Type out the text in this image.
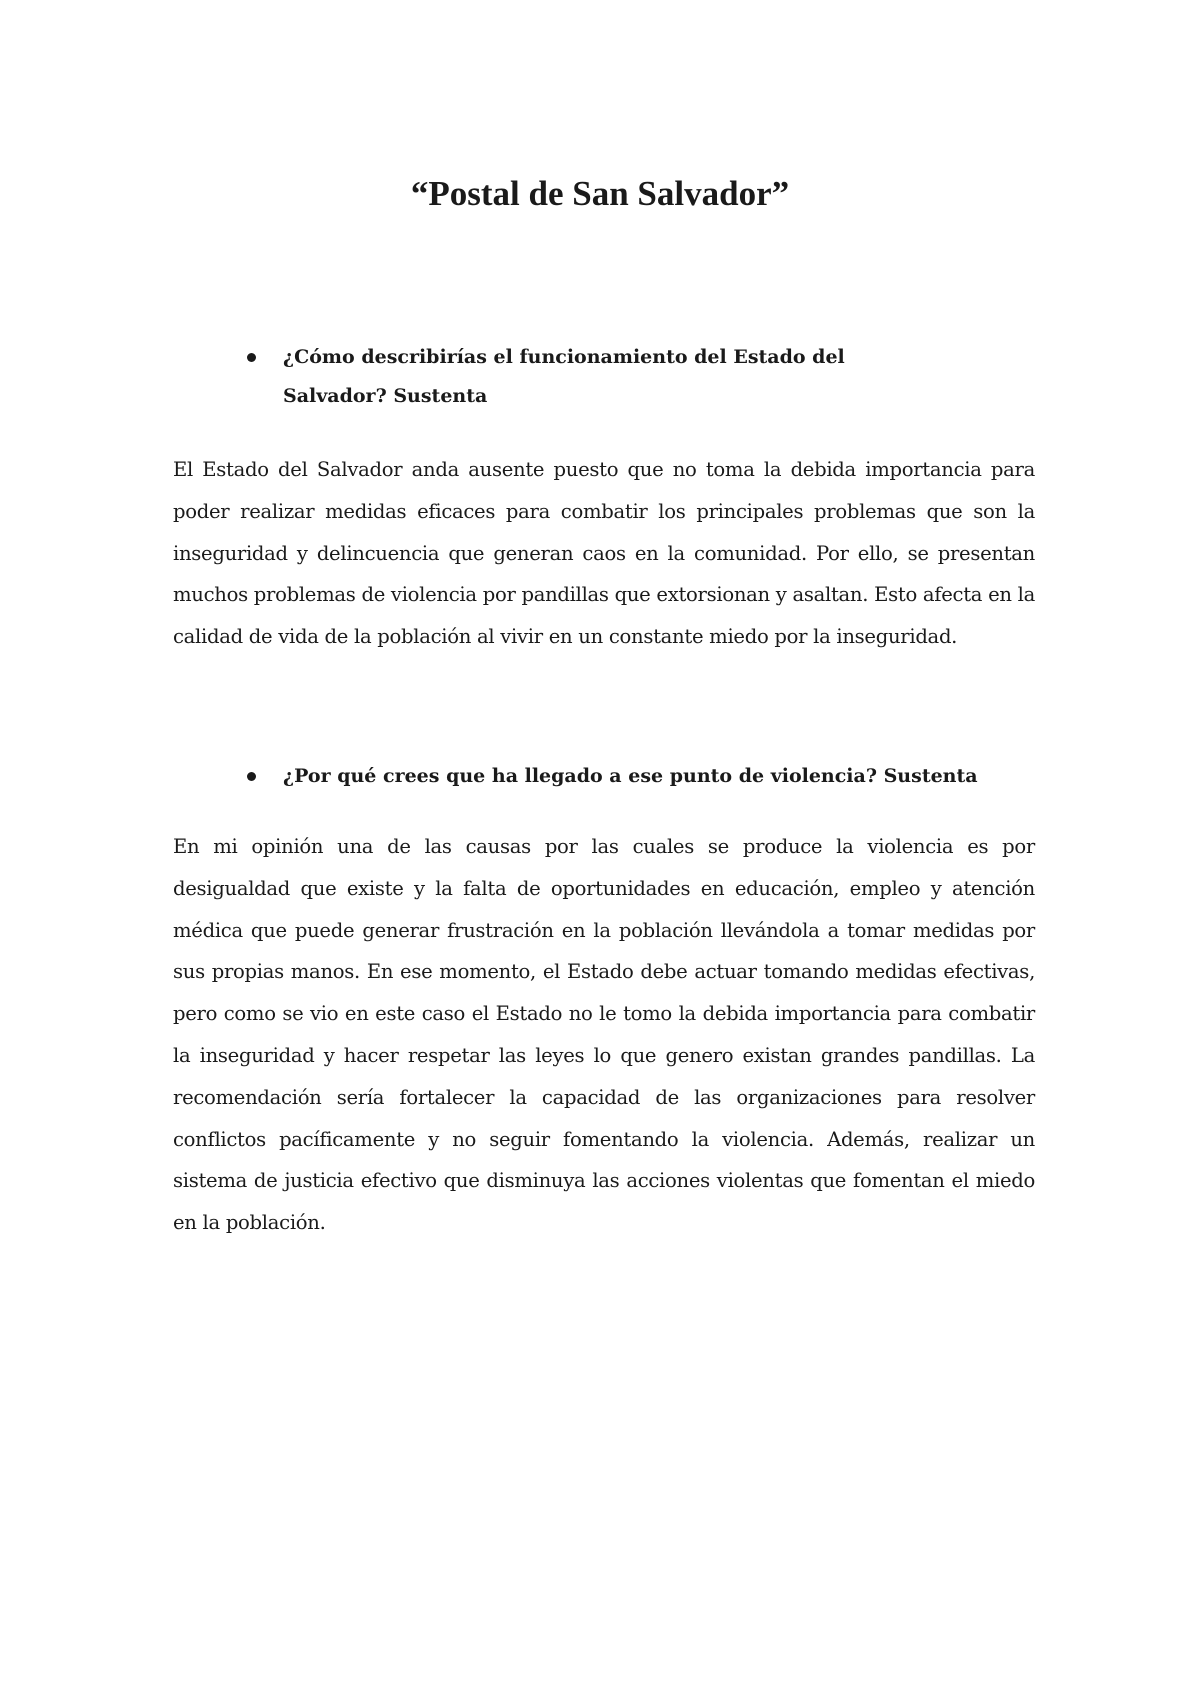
“Postal de San Salvador”

¿Cómo describirías el funcionamiento del Estado del Salvador? Sustenta

El Estado del Salvador anda ausente puesto que no toma la debida importancia para poder realizar medidas eficaces para combatir los principales problemas que son la inseguridad y delincuencia que generan caos en la comunidad. Por ello, se presentan muchos problemas de violencia por pandillas que extorsionan y asaltan. Esto afecta en la calidad de vida de la población al vivir en un constante miedo por la inseguridad.

¿Por qué crees que ha llegado a ese punto de violencia? Sustenta

En mi opinión una de las causas por las cuales se produce la violencia es por desigualdad que existe y la falta de oportunidades en educación, empleo y atención médica que puede generar frustración en la población llevándola a tomar medidas por sus propias manos. En ese momento, el Estado debe actuar tomando medidas efectivas, pero como se vio en este caso el Estado no le tomo la debida importancia para combatir la inseguridad y hacer respetar las leyes lo que genero existan grandes pandillas. La recomendación sería fortalecer la capacidad de las organizaciones para resolver conflictos pacíficamente y no seguir fomentando la violencia. Además, realizar un sistema de justicia efectivo que disminuya las acciones violentas que fomentan el miedo en la población.
